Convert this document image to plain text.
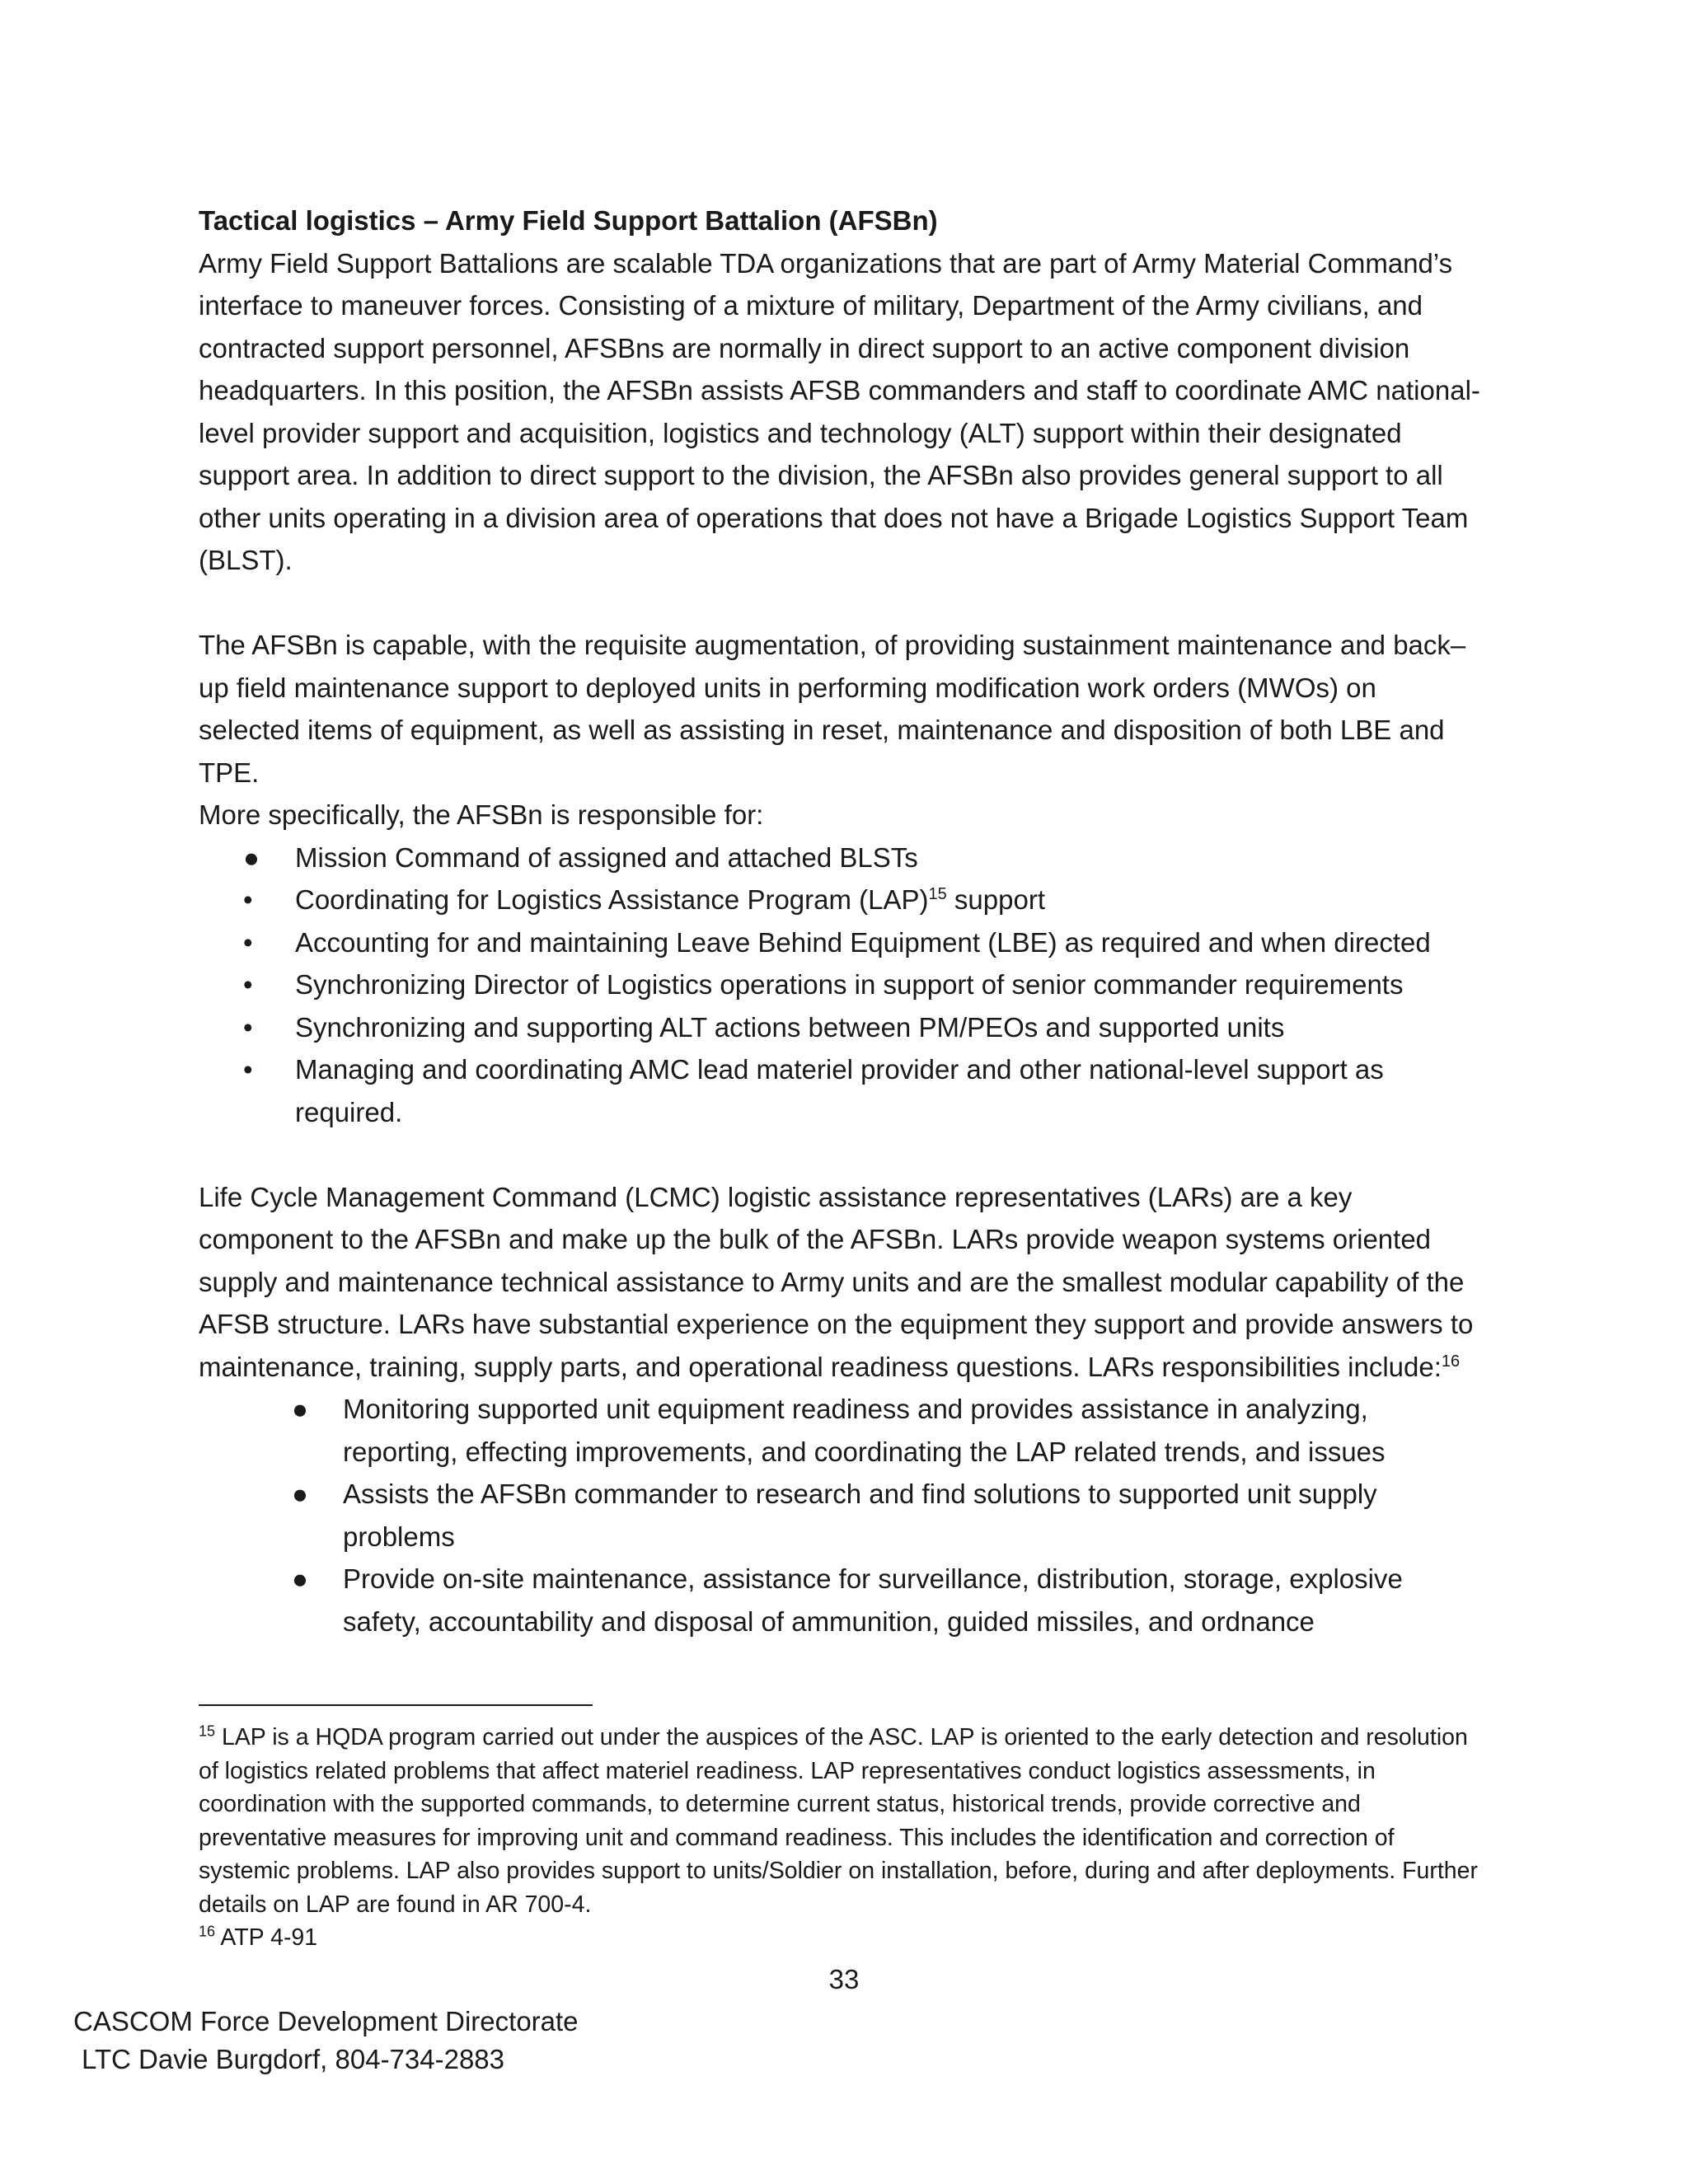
Tactical logistics – Army Field Support Battalion (AFSBn)

Army Field Support Battalions are scalable TDA organizations that are part of Army Material Command’s interface to maneuver forces. Consisting of a mixture of military, Department of the Army civilians, and contracted support personnel, AFSBns are normally in direct support to an active component division headquarters. In this position, the AFSBn assists AFSB commanders and staff to coordinate AMC national-level provider support and acquisition, logistics and technology (ALT) support within their designated support area. In addition to direct support to the division, the AFSBn also provides general support to all other units operating in a division area of operations that does not have a Brigade Logistics Support Team (BLST).

The AFSBn is capable, with the requisite augmentation, of providing sustainment maintenance and back–up field maintenance support to deployed units in performing modification work orders (MWOs) on selected items of equipment, as well as assisting in reset, maintenance and disposition of both LBE and TPE.

More specifically, the AFSBn is responsible for:

● Mission Command of assigned and attached BLSTs
• Coordinating for Logistics Assistance Program (LAP)$^{15}$ support
• Accounting for and maintaining Leave Behind Equipment (LBE) as required and when directed
• Synchronizing Director of Logistics operations in support of senior commander requirements
• Synchronizing and supporting ALT actions between PM/PEOs and supported units
• Managing and coordinating AMC lead materiel provider and other national-level support as required.

Life Cycle Management Command (LCMC) logistic assistance representatives (LARs) are a key component to the AFSBn and make up the bulk of the AFSBn. LARs provide weapon systems oriented supply and maintenance technical assistance to Army units and are the smallest modular capability of the AFSB structure. LARs have substantial experience on the equipment they support and provide answers to maintenance, training, supply parts, and operational readiness questions. LARs responsibilities include:$^{16}$

● Monitoring supported unit equipment readiness and provides assistance in analyzing, reporting, effecting improvements, and coordinating the LAP related trends, and issues
● Assists the AFSBn commander to research and find solutions to supported unit supply problems
● Provide on-site maintenance, assistance for surveillance, distribution, storage, explosive safety, accountability and disposal of ammunition, guided missiles, and ordnance

$^{15}$ LAP is a HQDA program carried out under the auspices of the ASC. LAP is oriented to the early detection and resolution of logistics related problems that affect materiel readiness. LAP representatives conduct logistics assessments, in coordination with the supported commands, to determine current status, historical trends, provide corrective and preventative measures for improving unit and command readiness. This includes the identification and correction of systemic problems. LAP also provides support to units/Soldier on installation, before, during and after deployments. Further details on LAP are found in AR 700-4.

$^{16}$ ATP 4-91

33
CASCOM Force Development Directorate
LTC Davie Burgdorf, 804-734-2883
